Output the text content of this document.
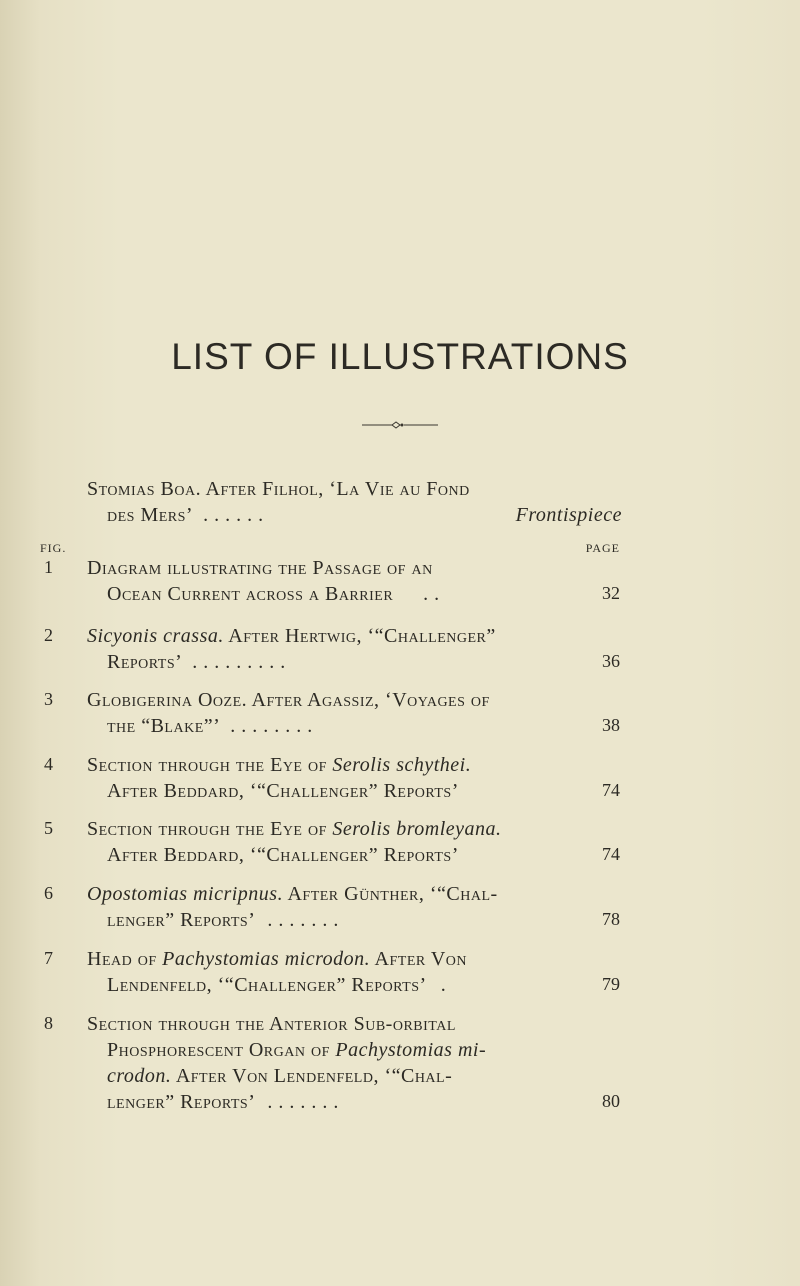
LIST OF ILLUSTRATIONS
Stomias Boa. After Filhol, ‘La Vie au Fond
des Mers’ . . . . . .	Frontispiece
FIG.	PAGE
1	Diagram illustrating the Passage of an
Ocean Current across a Barrier . .	32
2	Sicyonis crassa. After Hertwig, ‘“Challenger”
Reports’ . . . . . . . . .	36
3	Globigerina Ooze. After Agassiz, ‘Voyages of
the “Blake”’ . . . . . . . .	38
4	Section through the Eye of Serolis schythei.
After Beddard, ‘“Challenger” Reports’	74
5	Section through the Eye of Serolis bromleyana.
After Beddard, ‘“Challenger” Reports’	74
6	Opostomias micripnus. After Günther, ‘“Chal-
lenger” Reports’ . . . . . . .	78
7	Head of Pachystomias microdon. After Von
Lendenfeld, ‘“Challenger” Reports’ .	79
8	Section through the Anterior Sub-orbital
Phosphorescent Organ of Pachystomias mi-
crodon. After Von Lendenfeld, ‘“Chal-
lenger” Reports’ . . . . . . .	80
